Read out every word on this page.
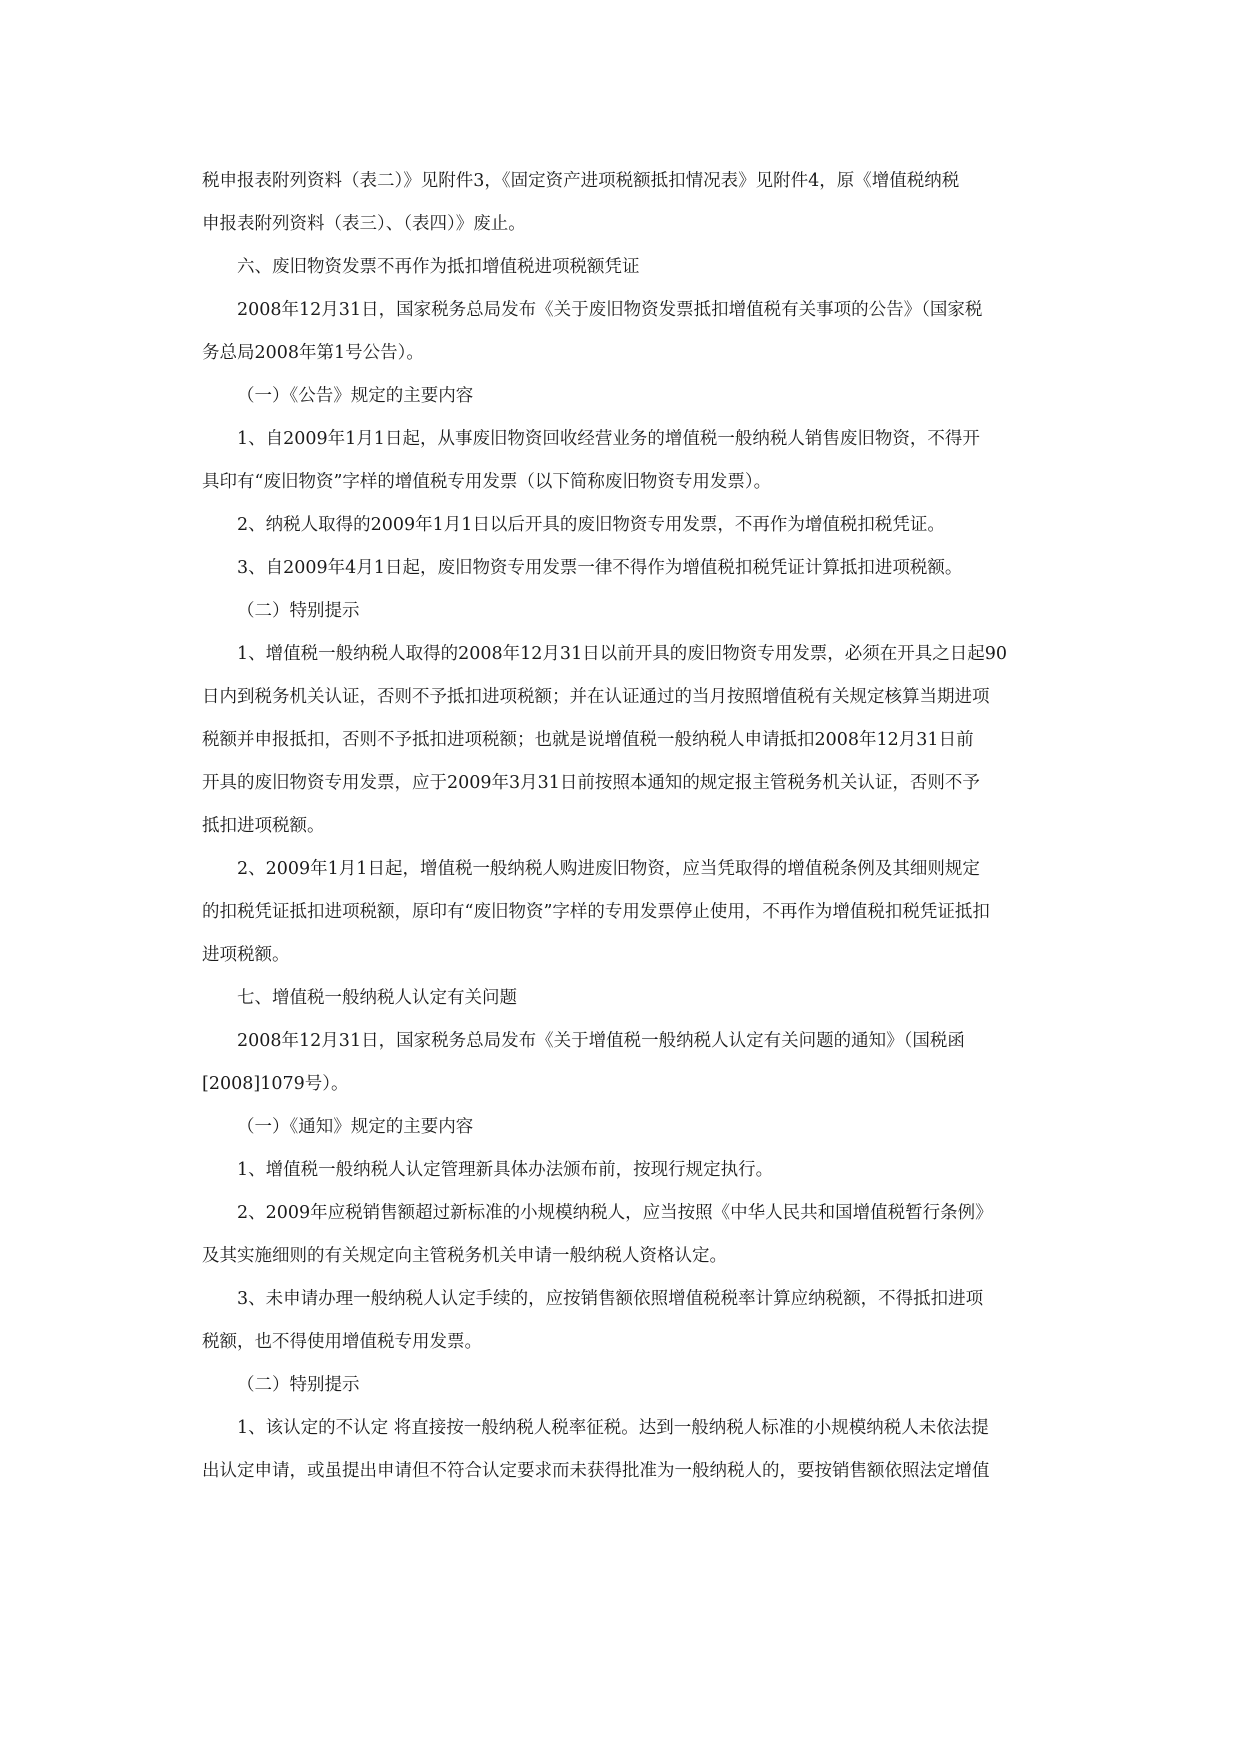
税申报表附列资料（表二）》见附件3，《固定资产进项税额抵扣情况表》见附件4，原《增值税纳税
申报表附列资料（表三）、（表四）》废止。
六、废旧物资发票不再作为抵扣增值税进项税额凭证
2008年12月31日，国家税务总局发布《关于废旧物资发票抵扣增值税有关事项的公告》（国家税
务总局2008年第1号公告）。
（一）《公告》规定的主要内容
1、自2009年1月1日起，从事废旧物资回收经营业务的增值税一般纳税人销售废旧物资，不得开
具印有“废旧物资”字样的增值税专用发票（以下简称废旧物资专用发票）。
2、纳税人取得的2009年1月1日以后开具的废旧物资专用发票，不再作为增值税扣税凭证。
3、自2009年4月1日起，废旧物资专用发票一律不得作为增值税扣税凭证计算抵扣进项税额。
（二）特别提示
1、增值税一般纳税人取得的2008年12月31日以前开具的废旧物资专用发票，必须在开具之日起90
日内到税务机关认证，否则不予抵扣进项税额；并在认证通过的当月按照增值税有关规定核算当期进项
税额并申报抵扣，否则不予抵扣进项税额；也就是说增值税一般纳税人申请抵扣2008年12月31日前
开具的废旧物资专用发票，应于2009年3月31日前按照本通知的规定报主管税务机关认证，否则不予
抵扣进项税额。
2、2009年1月1日起，增值税一般纳税人购进废旧物资，应当凭取得的增值税条例及其细则规定
的扣税凭证抵扣进项税额，原印有“废旧物资”字样的专用发票停止使用，不再作为增值税扣税凭证抵扣
进项税额。
七、增值税一般纳税人认定有关问题
2008年12月31日，国家税务总局发布《关于增值税一般纳税人认定有关问题的通知》（国税函
[2008]1079号）。
（一）《通知》规定的主要内容
1、增值税一般纳税人认定管理新具体办法颁布前，按现行规定执行。
2、2009年应税销售额超过新标准的小规模纳税人，应当按照《中华人民共和国增值税暂行条例》
及其实施细则的有关规定向主管税务机关申请一般纳税人资格认定。
3、未申请办理一般纳税人认定手续的，应按销售额依照增值税税率计算应纳税额，不得抵扣进项
税额，也不得使用增值税专用发票。
（二）特别提示
1、该认定的不认定 将直接按一般纳税人税率征税。达到一般纳税人标准的小规模纳税人未依法提
出认定申请，或虽提出申请但不符合认定要求而未获得批准为一般纳税人的，要按销售额依照法定增值
